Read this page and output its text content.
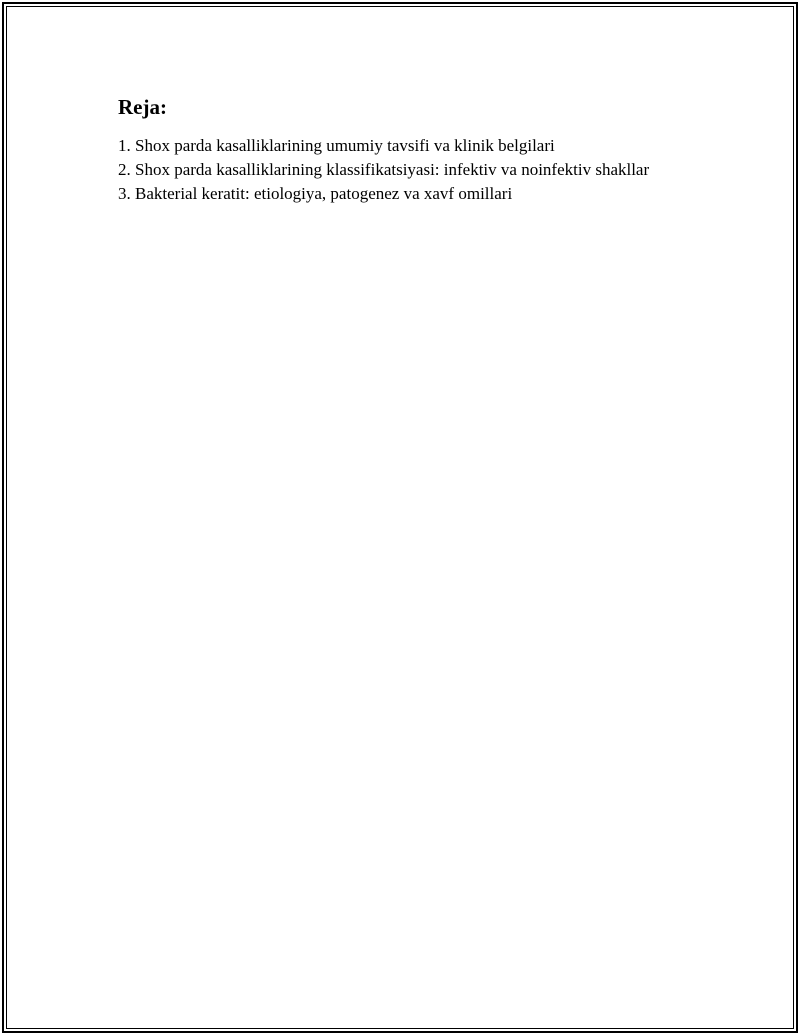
Reja:
1. Shox parda kasalliklarining umumiy tavsifi va klinik belgilari
2. Shox parda kasalliklarining klassifikatsiyasi: infektiv va noinfektiv shakllar
3. Bakterial keratit: etiologiya, patogenez va xavf omillari
